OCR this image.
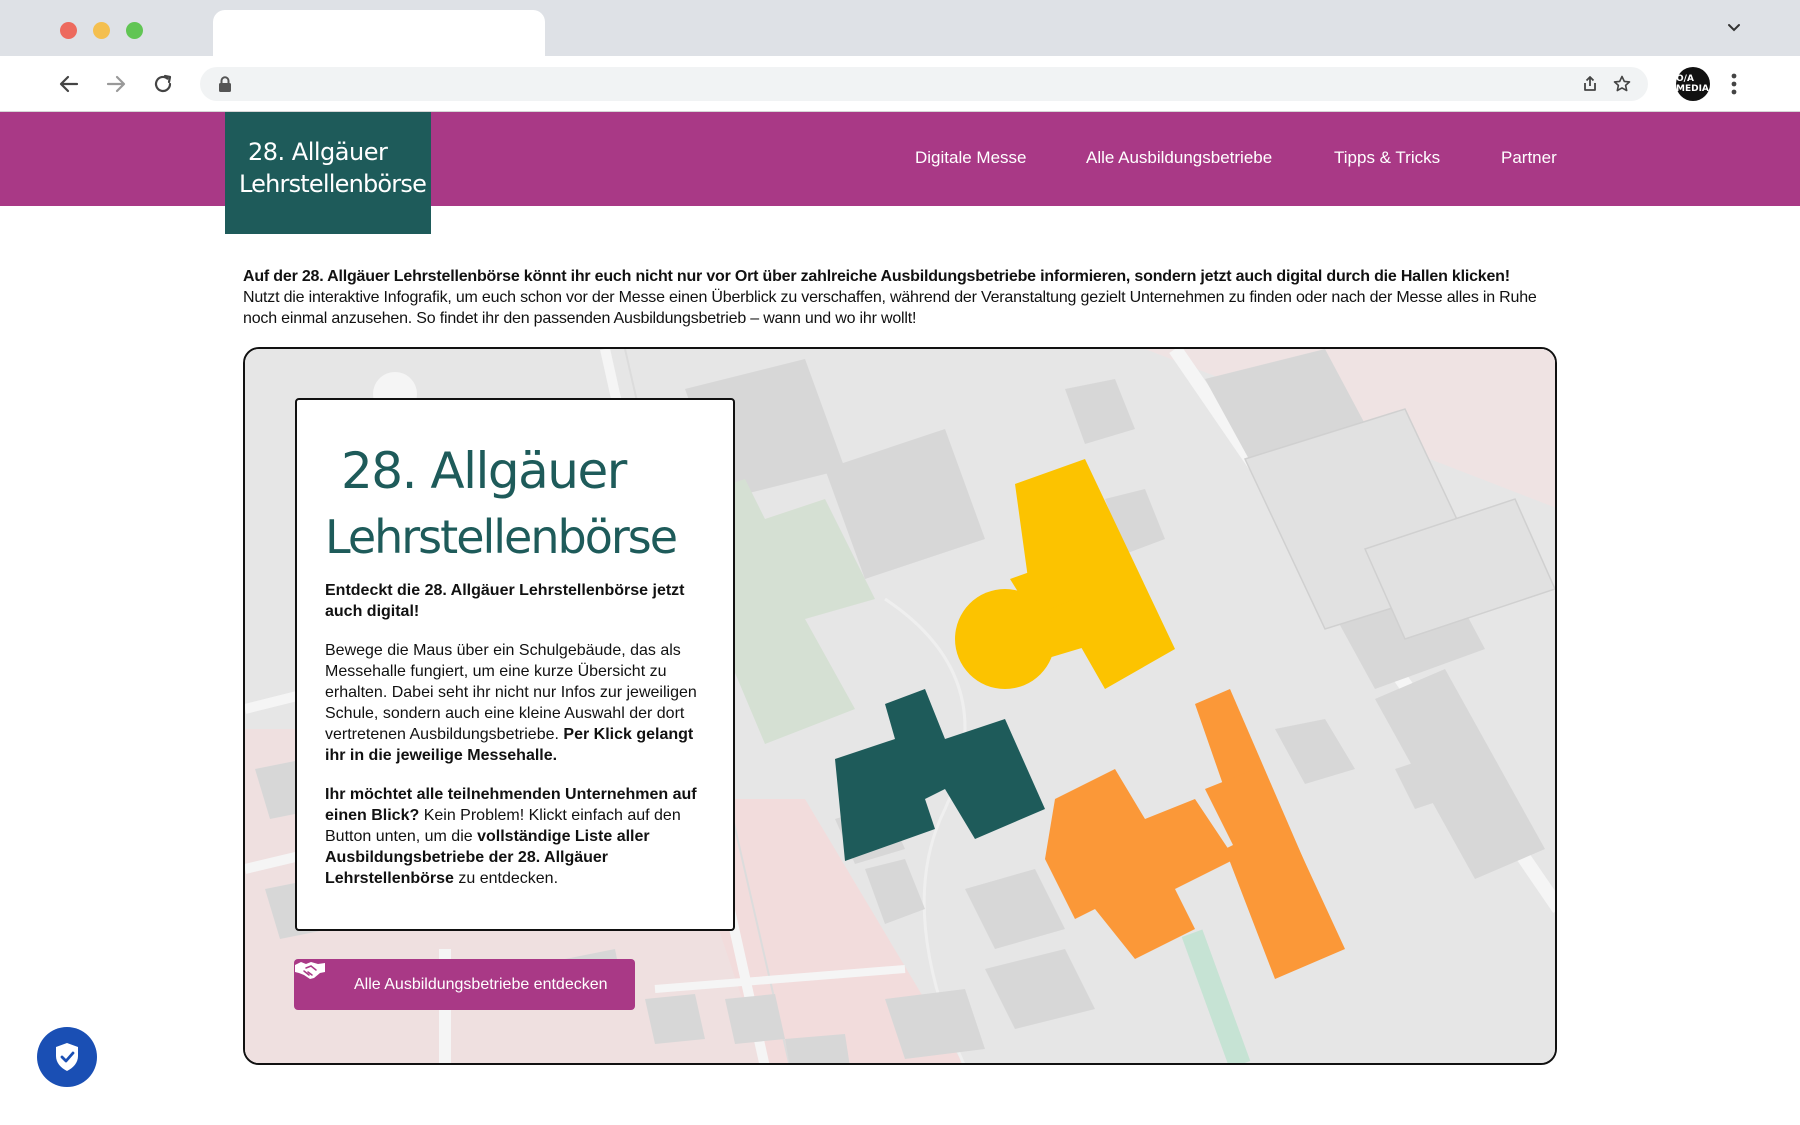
O∕A MEDIA
28. Allgäuer
Lehrstellenbörse
Digitale Messe	Alle Ausbildungsbetriebe	Tipps & Tricks	Partner
Auf der 28. Allgäuer Lehrstellenbörse könnt ihr euch nicht nur vor Ort über zahlreiche Ausbildungsbetriebe informieren, sondern jetzt auch digital durch die Hallen klicken!
Nutzt die interaktive Infografik, um euch schon vor der Messe einen Überblick zu verschaffen, während der Veranstaltung gezielt Unternehmen zu finden oder nach der Messe alles in Ruhe noch einmal anzusehen. So findet ihr den passenden Ausbildungsbetrieb – wann und wo ihr wollt!
28. Allgäuer
Lehrstellenbörse
Entdeckt die 28. Allgäuer Lehrstellenbörse jetzt auch digital!

Bewege die Maus über ein Schulgebäude, das als Messehalle fungiert, um eine kurze Übersicht zu erhalten. Dabei seht ihr nicht nur Infos zur jeweiligen Schule, sondern auch eine kleine Auswahl der dort vertretenen Ausbildungsbetriebe. Per Klick gelangt ihr in die jeweilige Messehalle.

Ihr möchtet alle teilnehmenden Unternehmen auf einen Blick? Kein Problem! Klickt einfach auf den Button unten, um die vollständige Liste aller Ausbildungsbetriebe der 28. Allgäuer Lehrstellenbörse zu entdecken.

Alle Ausbildungsbetriebe entdecken
